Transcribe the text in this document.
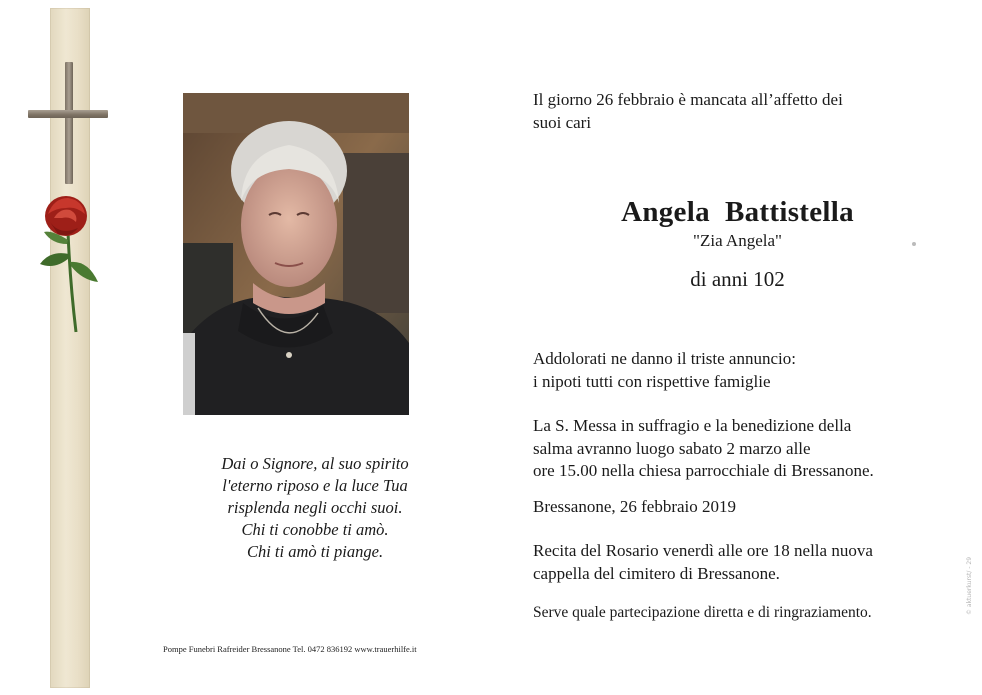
Dai o Signore, al suo spirito
l'eterno riposo e la luce Tua
risplenda negli occhi suoi.
Chi ti conobbe ti amò.
Chi ti amò ti piange.
Pompe Funebri Rafreider Bressanone Tel. 0472 836192 www.trauerhilfe.it
Il giorno 26 febbraio è mancata all’affetto dei
suoi cari
Angela  Battistella
"Zia Angela"
di anni 102
Addolorati ne danno il triste annuncio:
i nipoti tutti con rispettive famiglie
La S. Messa in suffragio e la benedizione della
salma avranno luogo sabato 2 marzo alle
ore 15.00 nella chiesa parrocchiale di Bressanone.
Bressanone, 26 febbraio 2019
Recita del Rosario venerdì alle ore 18 nella nuova
cappella del cimitero di Bressanone.
Serve quale partecipazione diretta e di ringraziamento.	© aktuerkurst/ - 29
